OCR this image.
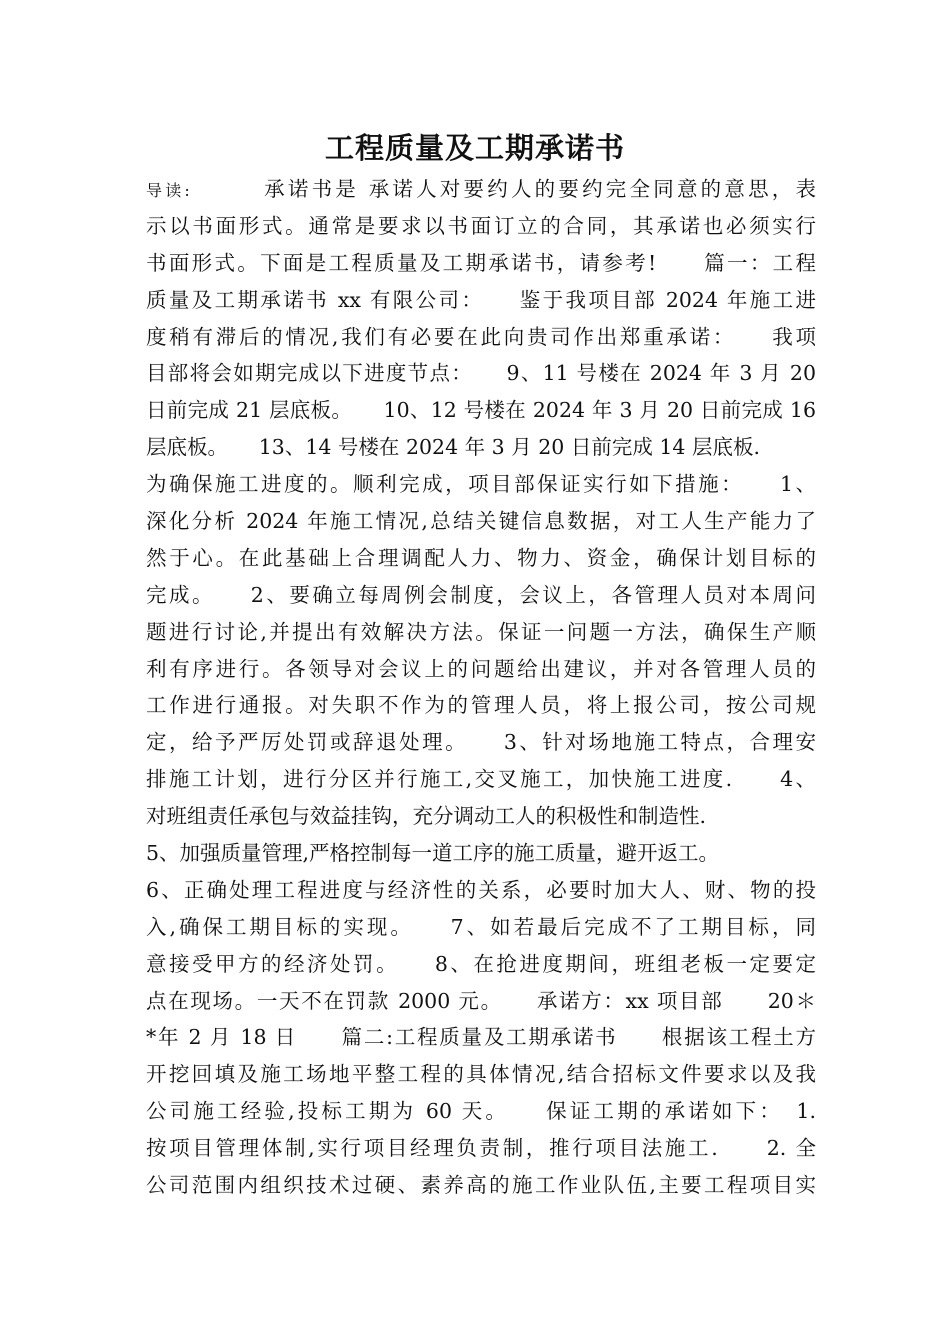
工程质量及工期承诺书
导读:　　　承诺书是 承诺人对要约人的要约完全同意的意思，表
示以书面形式。通常是要求以书面订立的合同，其承诺也必须实行
书面形式。下面是工程质量及工期承诺书，请参考!　　篇一：工程
质量及工期承诺书 xx 有限公司：　　鉴于我项目部 2024 年施工进
度稍有滞后的情况,我们有必要在此向贵司作出郑重承诺：　　我项
目部将会如期完成以下进度节点：　　9、11 号楼在 2024 年 3 月 20
日前完成 21 层底板。　　10、12 号楼在 2024 年 3 月 20 日前完成 16
层底板。　　13、14 号楼在 2024 年 3 月 20 日前完成 14 层底板.
为确保施工进度的。顺利完成，项目部保证实行如下措施：　　1、
深化分析 2024 年施工情况,总结关键信息数据，对工人生产能力了
然于心。在此基础上合理调配人力、物力、资金，确保计划目标的
完成。　　2、要确立每周例会制度，会议上，各管理人员对本周问
题进行讨论,并提出有效解决方法。保证一问题一方法，确保生产顺
利有序进行。各领导对会议上的问题给出建议，并对各管理人员的
工作进行通报。对失职不作为的管理人员，将上报公司，按公司规
定，给予严厉处罚或辞退处理。　　3、针对场地施工特点，合理安
排施工计划，进行分区并行施工,交叉施工，加快施工进度.　　4、
对班组责任承包与效益挂钩，充分调动工人的积极性和制造性.
5、加强质量管理,严格控制每一道工序的施工质量，避开返工。
6、正确处理工程进度与经济性的关系，必要时加大人、财、物的投
入,确保工期目标的实现。　　7、如若最后完成不了工期目标，同
意接受甲方的经济处罚。　　8、在抢进度期间，班组老板一定要定
点在现场。一天不在罚款 2000 元。　　承诺方：xx 项目部　　20＊
*年 2 月 18 日　　篇二:工程质量及工期承诺书　　根据该工程土方
开挖回填及施工场地平整工程的具体情况,结合招标文件要求以及我
公司施工经验,投标工期为 60 天。　　保证工期的承诺如下：　1.
按项目管理体制,实行项目经理负责制，推行项目法施工.　　2. 全
公司范围内组织技术过硬、素养高的施工作业队伍,主要工程项目实
